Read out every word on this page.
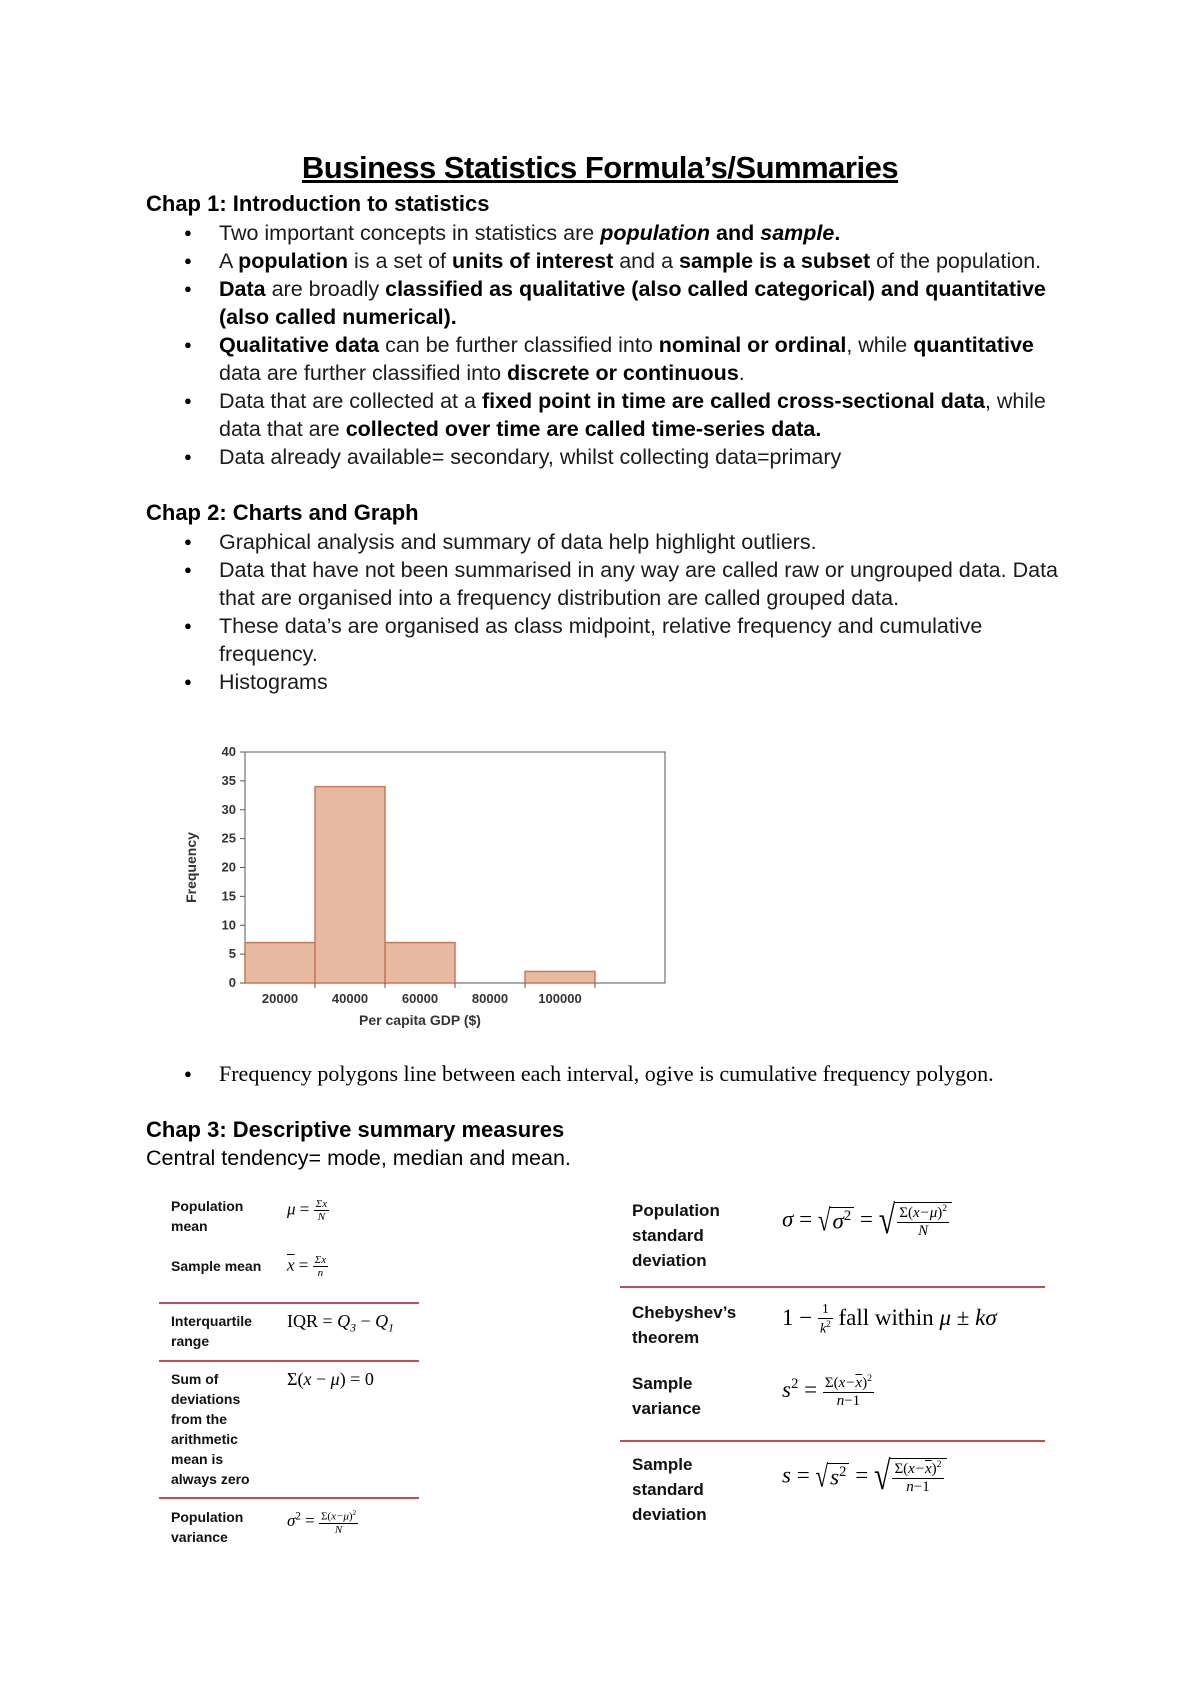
Business Statistics Formula’s/Summaries

Chap 1: Introduction to statistics

● Two important concepts in statistics are population and sample.
● A population is a set of units of interest and a sample is a subset of the population.
● Data are broadly classified as qualitative (also called categorical) and quantitative (also called numerical).
● Qualitative data can be further classified into nominal or ordinal, while quantitative data are further classified into discrete or continuous.
● Data that are collected at a fixed point in time are called cross-sectional data, while data that are collected over time are called time-series data.
● Data already available= secondary, whilst collecting data=primary

Chap 2: Charts and Graph

● Graphical analysis and summary of data help highlight outliers.
● Data that have not been summarised in any way are called raw or ungrouped data. Data that are organised into a frequency distribution are called grouped data.
● These data’s are organised as class midpoint, relative frequency and cumulative frequency.
● Histograms
0
5
10
15
20
25
30
35
40
20000	40000	60000	80000 100000
Per capita GDP ($)
Frequency
● Frequency polygons line between each interval, ogive is cumulative frequency polygon.

Chap 3: Descriptive summary measures

Central tendency= mode, median and mean.

Population mean
$\mu = \frac{\Sigma x}{N}$
Sample mean $\overline{x} = \frac{\Sigma x}{n}$
Interquartile range
IQR = $Q_3 - Q_1$
Sum of deviations from the arithmetic mean is always zero
Σ(x − μ) = 0
Population variance
$\sigma^2 = \frac{\Sigma(x-\mu)^2}{N}$
Population standard deviation
$\sigma = √\sigma^2$ = √ $\frac{\Sigma(x-\mu)^2}{N}$
Chebyshev’s theorem
$1 - \frac{1}{k^2}$ fall within μ ± kσ
Sample variance
$s^2 = \frac{\Sigma(x-\overline{x})^2}{n-1}$
Sample standard deviation
$s = √s^2$ = √ $\frac{\Sigma(x-\overline{x})^2}{n-1}$
